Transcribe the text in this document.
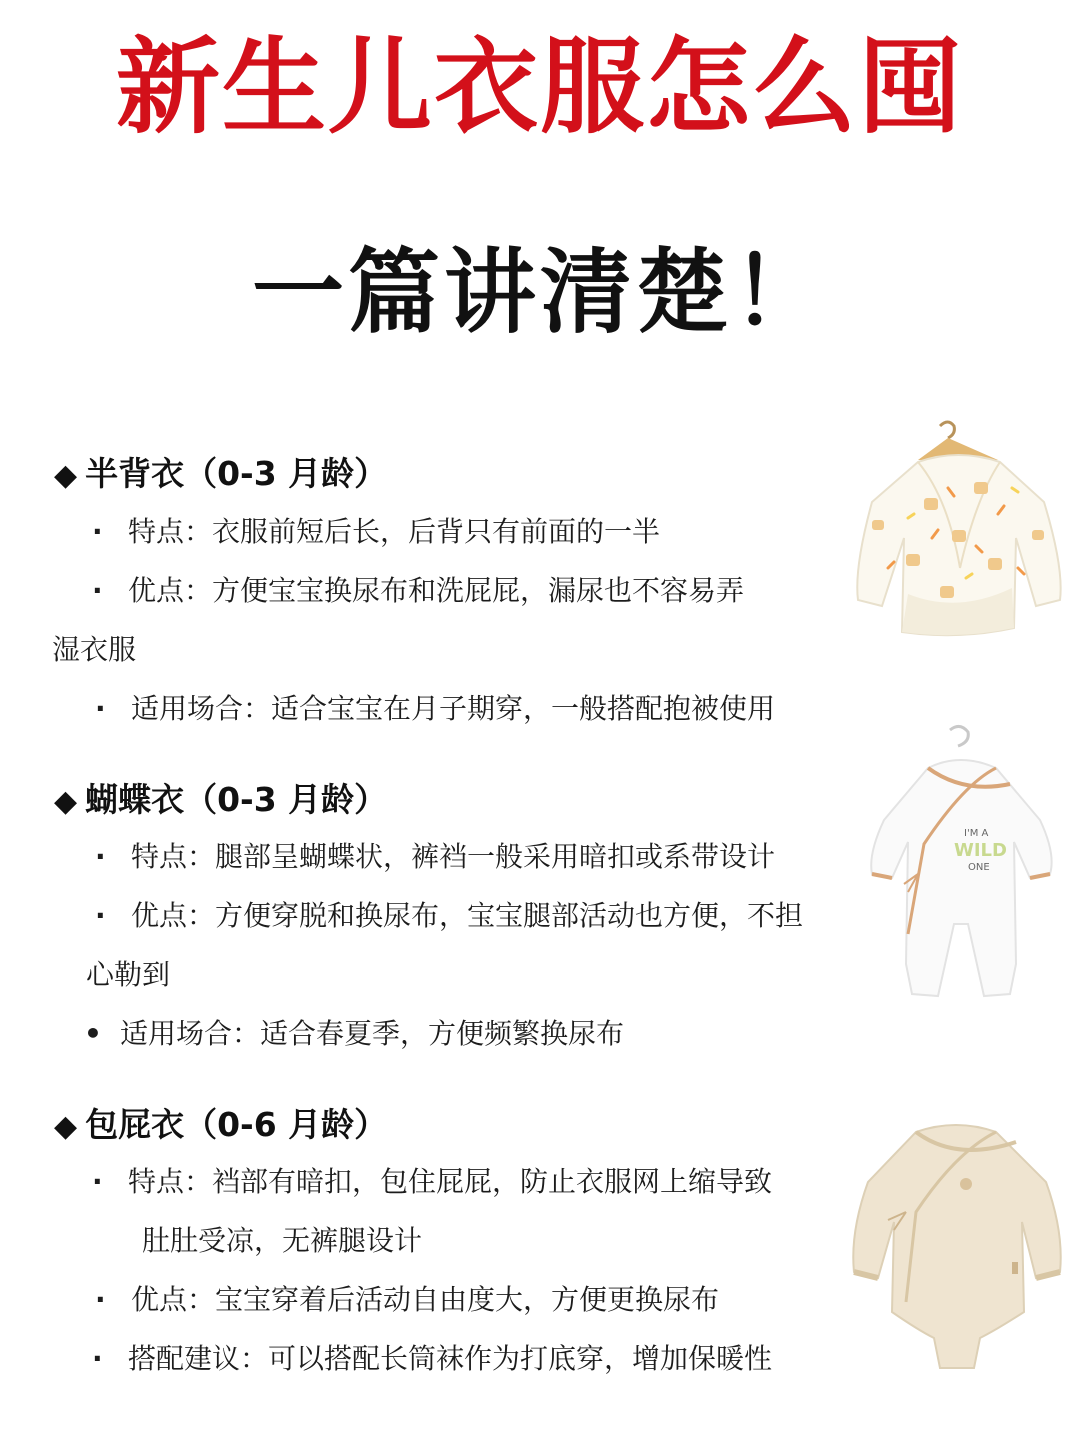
新生儿衣服怎么囤
一篇讲清楚！
◆ 半背衣（0-3 月龄）
· 特点：衣服前短后长，后背只有前面的一半
· 优点：方便宝宝换尿布和洗屁屁，漏尿也不容易弄
湿衣服
· 适用场合：适合宝宝在月子期穿，一般搭配抱被使用
◆ 蝴蝶衣（0-3 月龄）
· 特点：腿部呈蝴蝶状，裤裆一般采用暗扣或系带设计
· 优点：方便穿脱和换尿布，宝宝腿部活动也方便，不担
心勒到
• 适用场合：适合春夏季，方便频繁换尿布
◆ 包屁衣（0-6 月龄）
· 特点：裆部有暗扣，包住屁屁，防止衣服网上缩导致
肚肚受凉，无裤腿设计
· 优点：宝宝穿着后活动自由度大，方便更换尿布
· 搭配建议：可以搭配长筒袜作为打底穿，增加保暖性
I'M A
WILD
ONE
